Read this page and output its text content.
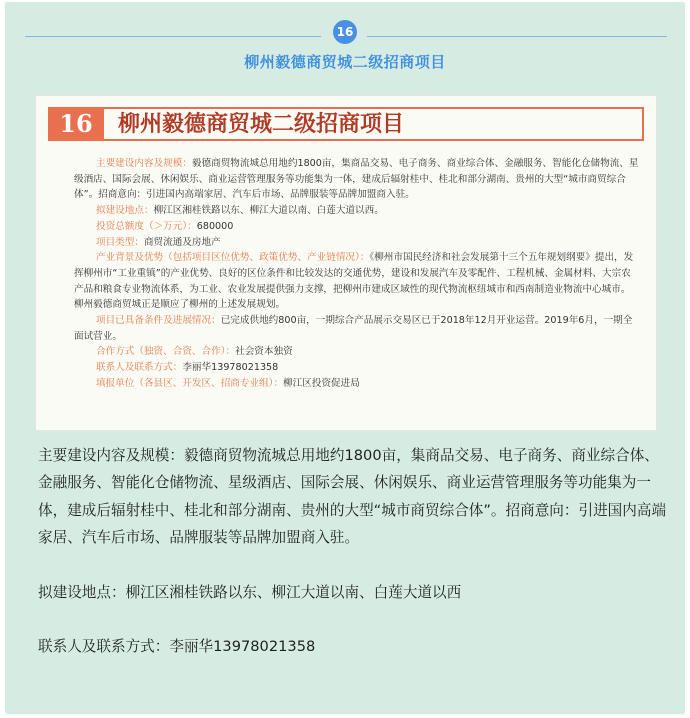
16
柳州毅德商贸城二级招商项目
16	柳州毅德商贸城二级招商项目

主要建设内容及规模：毅德商贸物流城总用地约1800亩，集商品交易、电子商务、商业综合体、金融服务、智能化仓储物流、星级酒店、国际会展、休闲娱乐、商业运营管理服务等功能集为一体，建成后辐射桂中、桂北和部分湖南、贵州的大型“城市商贸综合体”。招商意向：引进国内高端家居、汽车后市场、品牌服装等品牌加盟商入驻。

拟建设地点：柳江区湘桂铁路以东、柳江大道以南、白莲大道以西。

投资总额度（＞万元）：680000

项目类型：商贸流通及房地产

产业背景及优势（包括项目区位优势、政策优势、产业链情况）：《柳州市国民经济和社会发展第十三个五年规划纲要》提出，发挥柳州市“工业重镇”的产业优势、良好的区位条件和比较发达的交通优势，建设和发展汽车及零配件、工程机械、金属材料、大宗农产品和粮食专业物流体系，为工业、农业发展提供强力支撑，把柳州市建成区域性的现代物流枢纽城市和西南制造业物流中心城市。柳州毅德商贸城正是顺应了柳州的上述发展规划。

项目已具备条件及进展情况：已完成供地约800亩，一期综合产品展示交易区已于2018年12月开业运营。2019年6月，一期全面试营业。

合作方式（独资、合资、合作）：社会资本独资

联系人及联系方式：李丽华13978021358

填报单位（各县区、开发区、招商专业组）：柳江区投资促进局

主要建设内容及规模：毅德商贸物流城总用地约1800亩，集商品交易、电子商务、商业综合体、金融服务、智能化仓储物流、星级酒店、国际会展、休闲娱乐、商业运营管理服务等功能集为一体，建成后辐射桂中、桂北和部分湖南、贵州的大型“城市商贸综合体”。招商意向：引进国内高端家居、汽车后市场、品牌服装等品牌加盟商入驻。

拟建设地点：柳江区湘桂铁路以东、柳江大道以南、白莲大道以西

联系人及联系方式：李丽华13978021358
